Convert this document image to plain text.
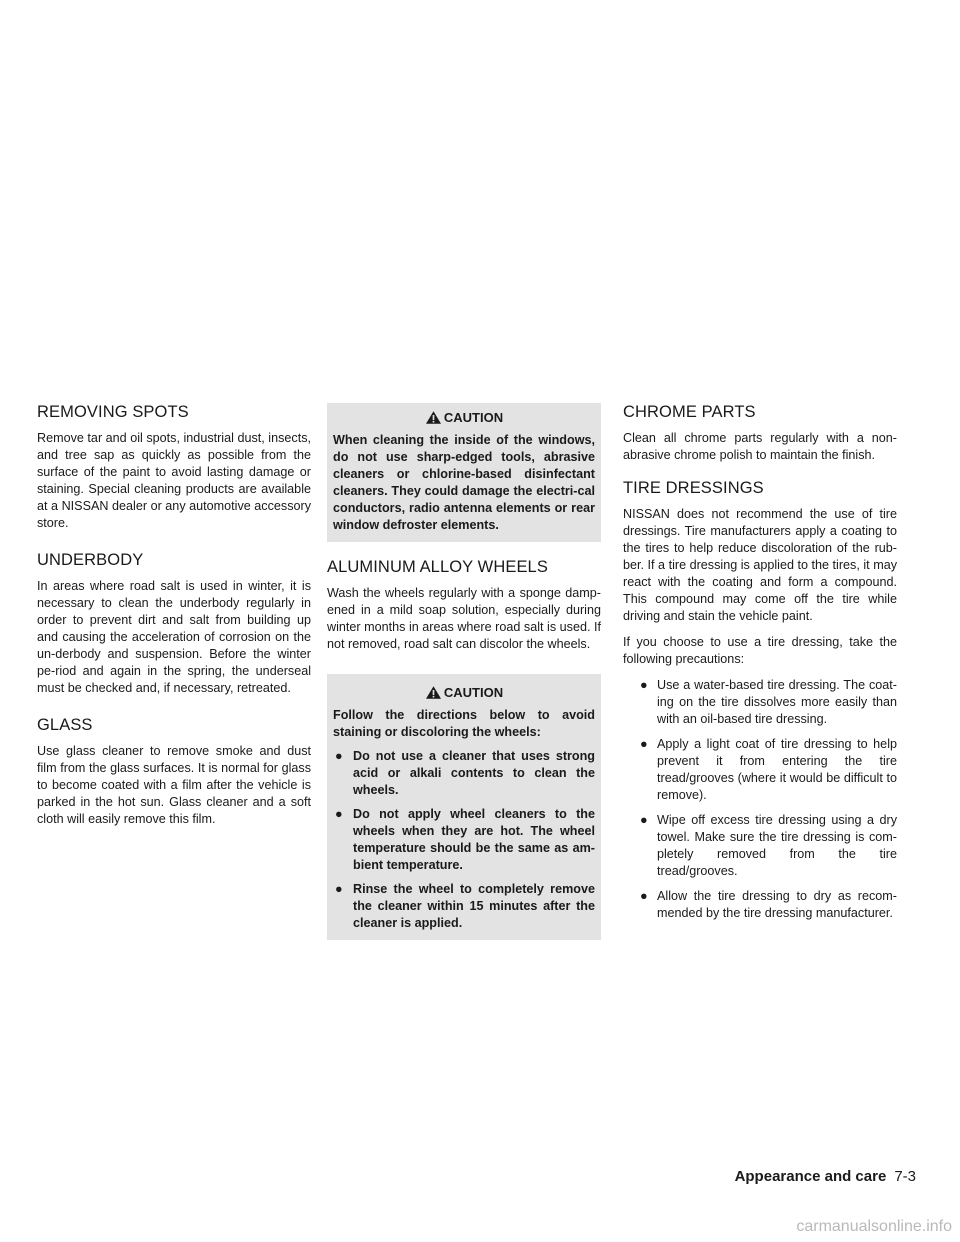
REMOVING SPOTS

Remove tar and oil spots, industrial dust, insects, and tree sap as quickly as possible from the surface of the paint to avoid lasting damage or staining. Special cleaning products are available at a NISSAN dealer or any automotive accessory store.

UNDERBODY

In areas where road salt is used in winter, it is necessary to clean the underbody regularly in order to prevent dirt and salt from building up and causing the acceleration of corrosion on the un-derbody and suspension. Before the winter pe-riod and again in the spring, the underseal must be checked and, if necessary, retreated.

GLASS

Use glass cleaner to remove smoke and dust film from the glass surfaces. It is normal for glass to become coated with a film after the vehicle is parked in the hot sun. Glass cleaner and a soft cloth will easily remove this film.

CAUTION

When cleaning the inside of the windows, do not use sharp-edged tools, abrasive cleaners or chlorine-based disinfectant cleaners. They could damage the electri-cal conductors, radio antenna elements or rear window defroster elements.

ALUMINUM ALLOY WHEELS

Wash the wheels regularly with a sponge damp-ened in a mild soap solution, especially during winter months in areas where road salt is used. If not removed, road salt can discolor the wheels.

CAUTION

Follow the directions below to avoid staining or discoloring the wheels:

● Do not use a cleaner that uses strong acid or alkali contents to clean the wheels.
● Do not apply wheel cleaners to the wheels when they are hot. The wheel temperature should be the same as am-bient temperature.
● Rinse the wheel to completely remove the cleaner within 15 minutes after the cleaner is applied.
CHROME PARTS

Clean all chrome parts regularly with a non-abrasive chrome polish to maintain the finish.

TIRE DRESSINGS

NISSAN does not recommend the use of tire dressings. Tire manufacturers apply a coating to the tires to help reduce discoloration of the rub-ber. If a tire dressing is applied to the tires, it may react with the coating and form a compound. This compound may come off the tire while driving and stain the vehicle paint.

If you choose to use a tire dressing, take the following precautions:

● Use a water-based tire dressing. The coat-ing on the tire dissolves more easily than with an oil-based tire dressing.
● Apply a light coat of tire dressing to help prevent it from entering the tire tread/grooves (where it would be difficult to remove).
● Wipe off excess tire dressing using a dry towel. Make sure the tire dressing is com-pletely removed from the tire tread/grooves.
● Allow the tire dressing to dry as recom-mended by the tire dressing manufacturer.
Appearance and care 7-3
carmanualsonline.info
